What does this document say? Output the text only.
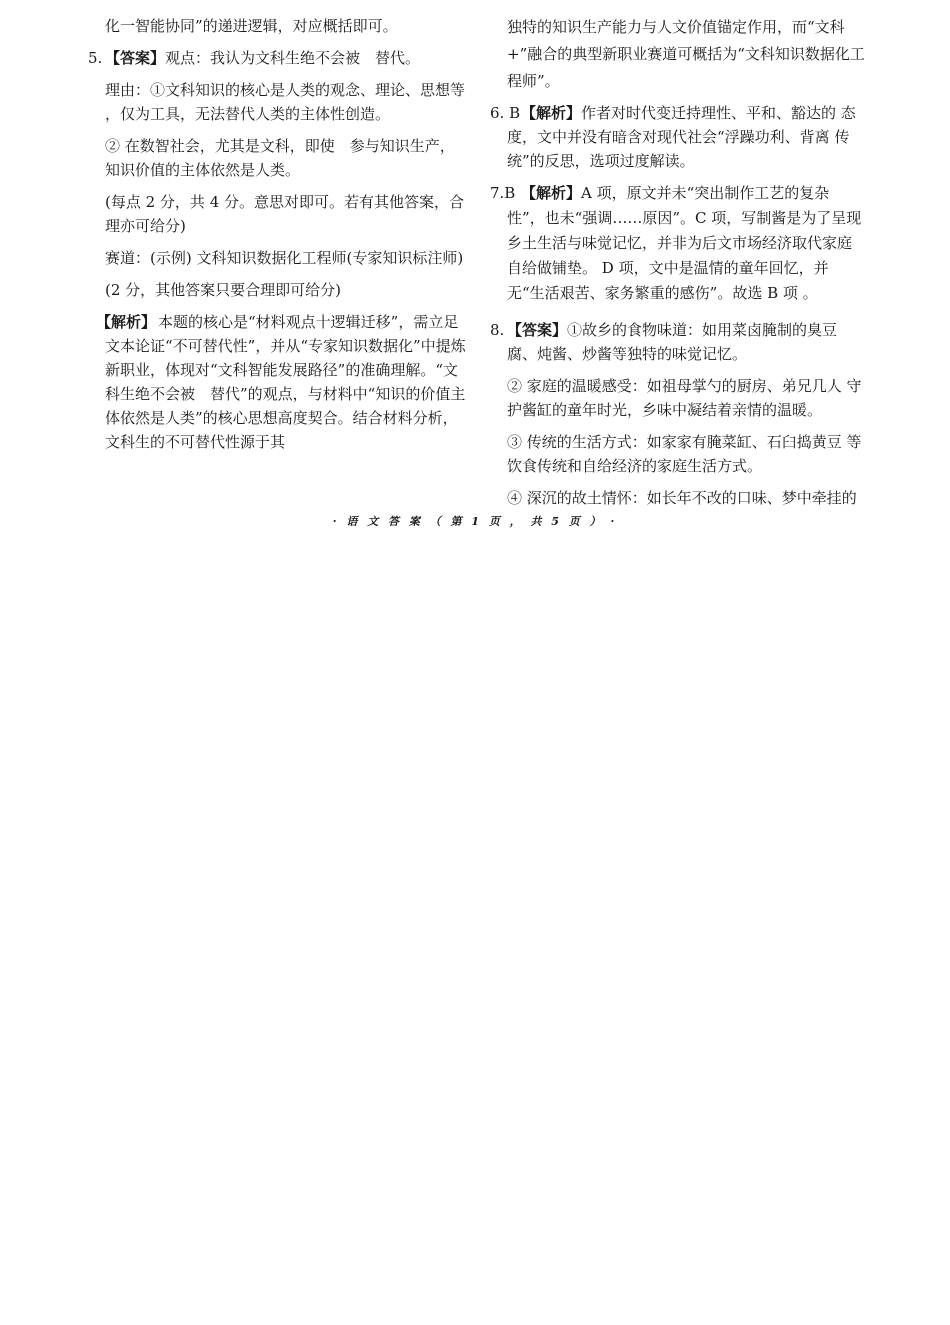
化一智能协同”的递进逻辑，对应概括即可。

5. 【答案】观点：我认为文科生绝不会被　替代。

理由：①文科知识的核心是人类的观念、理论、思想等 ，仅为工具，无法替代人类的主体性创造。

② 在数智社会，尤其是文科，即使　参与知识生产，知识价值的主体依然是人类。

(每点 2 分，共 4 分。意思对即可。若有其他答案，合理亦可给分)

赛道：(示例) 文科知识数据化工程师(专家知识标注师)

(2 分，其他答案只要合理即可给分)

【解析】 本题的核心是“材料观点十逻辑迁移”，需立足文本论证“不可替代性”，并从“专家知识数据化”中提炼新职业，体现对“文科智能发展路径”的准确理解。“文科生绝不会被　替代”的观点，与材料中“知识的价值主体依然是人类”的核心思想高度契合。结合材料分析，文科生的不可替代性源于其

独特的知识生产能力与人文价值锚定作用，而“文科 +”融合的典型新职业赛道可概括为“文科知识数据化工程师”。

6. B 【解析】作者对时代变迁持理性、平和、豁达的 态度，文中并没有暗含对现代社会“浮躁功利、背离 传统”的反思，选项过度解读。
7.B 【解析】A 项，原文并未“突出制作工艺的复杂性”，也未“强调……原因”。C 项，写制酱是为了呈现乡土生活与味觉记忆，并非为后文市场经济取代家庭自给做铺垫。 D 项，文中是温情的童年回忆，并无“生活艰苦、家务繁重的感伤”。故选 B 项 。
8. 【答案】①故乡的食物味道：如用菜卤腌制的臭豆腐、炖酱、炒酱等独特的味觉记忆。

② 家庭的温暖感受：如祖母掌勺的厨房、弟兄几人 守护酱缸的童年时光，乡味中凝结着亲情的温暖。

③ 传统的生活方式：如家家有腌菜缸、石臼捣黄豆 等饮食传统和自给经济的家庭生活方式。

④ 深沉的故土情怀：如长年不改的口味、梦中牵挂的

· 语 文 答 案 （ 第 1 页 ， 共 5 页 ） ·
